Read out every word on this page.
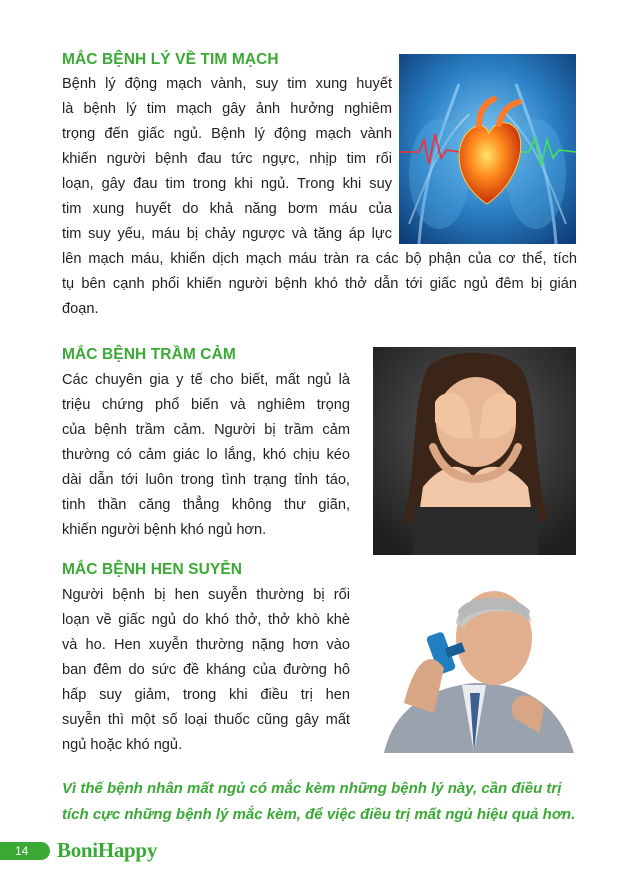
MẮC BỆNH LÝ VỀ TIM MẠCH
Bệnh lý động mạch vành, suy tim xung huyết
là bệnh lý tim mạch gây ảnh hưởng nghiêm
trọng đến giấc ngủ. Bệnh lý động mạch vành
khiến người bệnh đau tức ngực, nhịp tim rối
loạn, gây đau tim trong khi ngủ. Trong khi suy
tim xung huyết do khả năng bơm máu của
tim suy yếu, máu bị chảy ngược và tăng áp lực
lên mạch máu, khiến dịch mạch máu tràn ra các bộ phận của cơ thể, tích
tụ bên cạnh phổi khiến người bệnh khó thở dẫn tới giấc ngủ đêm bị gián
đoạn.
MẮC BỆNH TRẦM CẢM
Các chuyên gia y tế cho biết, mất ngủ là
triệu chứng phổ biến và nghiêm trọng
của bệnh trầm cảm. Người bị trầm cảm
thường có cảm giác lo lắng, khó chịu kéo
dài dẫn tới luôn trong tình trạng tỉnh táo,
tinh thần căng thẳng không thư giãn,
khiến người bệnh khó ngủ hơn.
MẮC BỆNH HEN SUYỄN
Người bệnh bị hen suyễn thường bị rối
loạn về giấc ngủ do khó thở, thở khò khè
và ho. Hen xuyễn thường nặng hơn vào
ban đêm do sức đề kháng của đường hô
hấp suy giảm, trong khi điều trị hen
suyễn thì một số loại thuốc cũng gây mất
ngủ hoặc khó ngủ.
Vì thế bệnh nhân mất ngủ có mắc kèm những bệnh lý này, cần điều trị
tích cực những bệnh lý mắc kèm, để việc điều trị mất ngủ hiệu quả hơn.
14 BoniHappy
